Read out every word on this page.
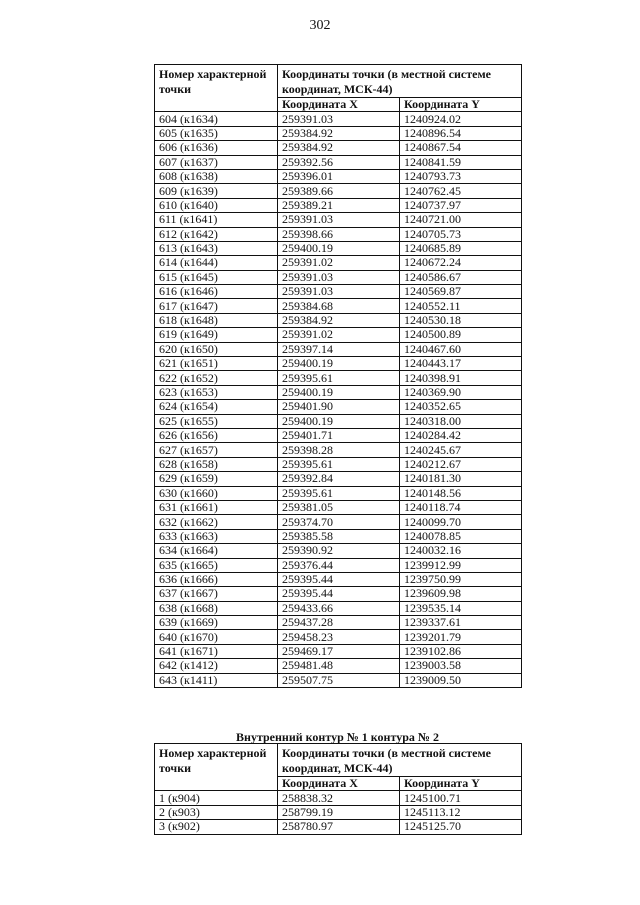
302
Номер характерной точки	Координаты точки (в местной системе координат, МСК-44)	
	Координата X	Координата Y
604 (к1634)	259391.03	1240924.02
605 (к1635)	259384.92	1240896.54
606 (к1636)	259384.92	1240867.54
607 (к1637)	259392.56	1240841.59
608 (к1638)	259396.01	1240793.73
609 (к1639)	259389.66	1240762.45
610 (к1640)	259389.21	1240737.97
611 (к1641)	259391.03	1240721.00
612 (к1642)	259398.66	1240705.73
613 (к1643)	259400.19	1240685.89
614 (к1644)	259391.02	1240672.24
615 (к1645)	259391.03	1240586.67
616 (к1646)	259391.03	1240569.87
617 (к1647)	259384.68	1240552.11
618 (к1648)	259384.92	1240530.18
619 (к1649)	259391.02	1240500.89
620 (к1650)	259397.14	1240467.60
621 (к1651)	259400.19	1240443.17
622 (к1652)	259395.61	1240398.91
623 (к1653)	259400.19	1240369.90
624 (к1654)	259401.90	1240352.65
625 (к1655)	259400.19	1240318.00
626 (к1656)	259401.71	1240284.42
627 (к1657)	259398.28	1240245.67
628 (к1658)	259395.61	1240212.67
629 (к1659)	259392.84	1240181.30
630 (к1660)	259395.61	1240148.56
631 (к1661)	259381.05	1240118.74
632 (к1662)	259374.70	1240099.70
633 (к1663)	259385.58	1240078.85
634 (к1664)	259390.92	1240032.16
635 (к1665)	259376.44	1239912.99
636 (к1666)	259395.44	1239750.99
637 (к1667)	259395.44	1239609.98
638 (к1668)	259433.66	1239535.14
639 (к1669)	259437.28	1239337.61
640 (к1670)	259458.23	1239201.79
641 (к1671)	259469.17	1239102.86
642 (к1412)	259481.48	1239003.58
643 (к1411)	259507.75	1239009.50
Внутренний контур № 1 контура № 2
Номер характерной точки	Координаты точки (в местной системе координат, МСК-44)	
	Координата X	Координата Y
1 (к904)	258838.32	1245100.71
2 (к903)	258799.19	1245113.12
3 (к902)	258780.97	1245125.70
